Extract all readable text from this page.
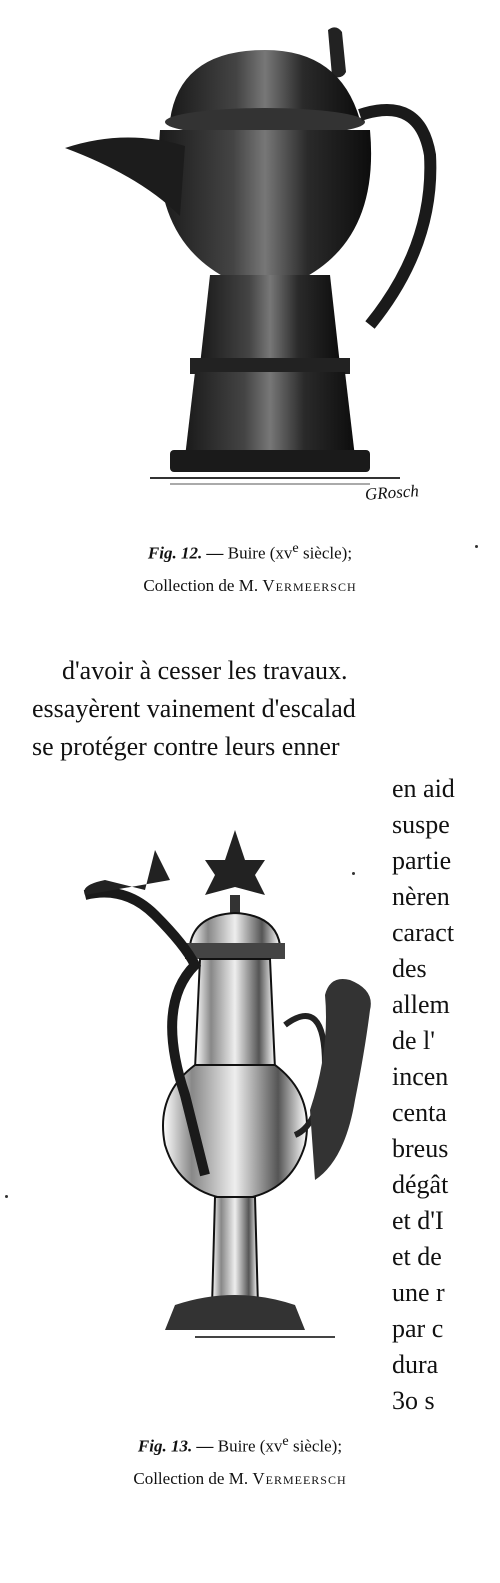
GRosch
Fig. 12. — Buire ($xv^e$ siècle);
Collection de M. Vermeersch
d'avoir à cesser les travaux.
essayèrent vainement d'escalad
se protéger contre leurs enner
Fig. 13. — Buire ($xv^e$ siècle);
Collection de M. Vermeersch
en aid
suspe
partie
nèren
caract
des
allem
de l'
incen
centa
breus
dégât
et d'I
et de
une r
par c
dura
3o s
